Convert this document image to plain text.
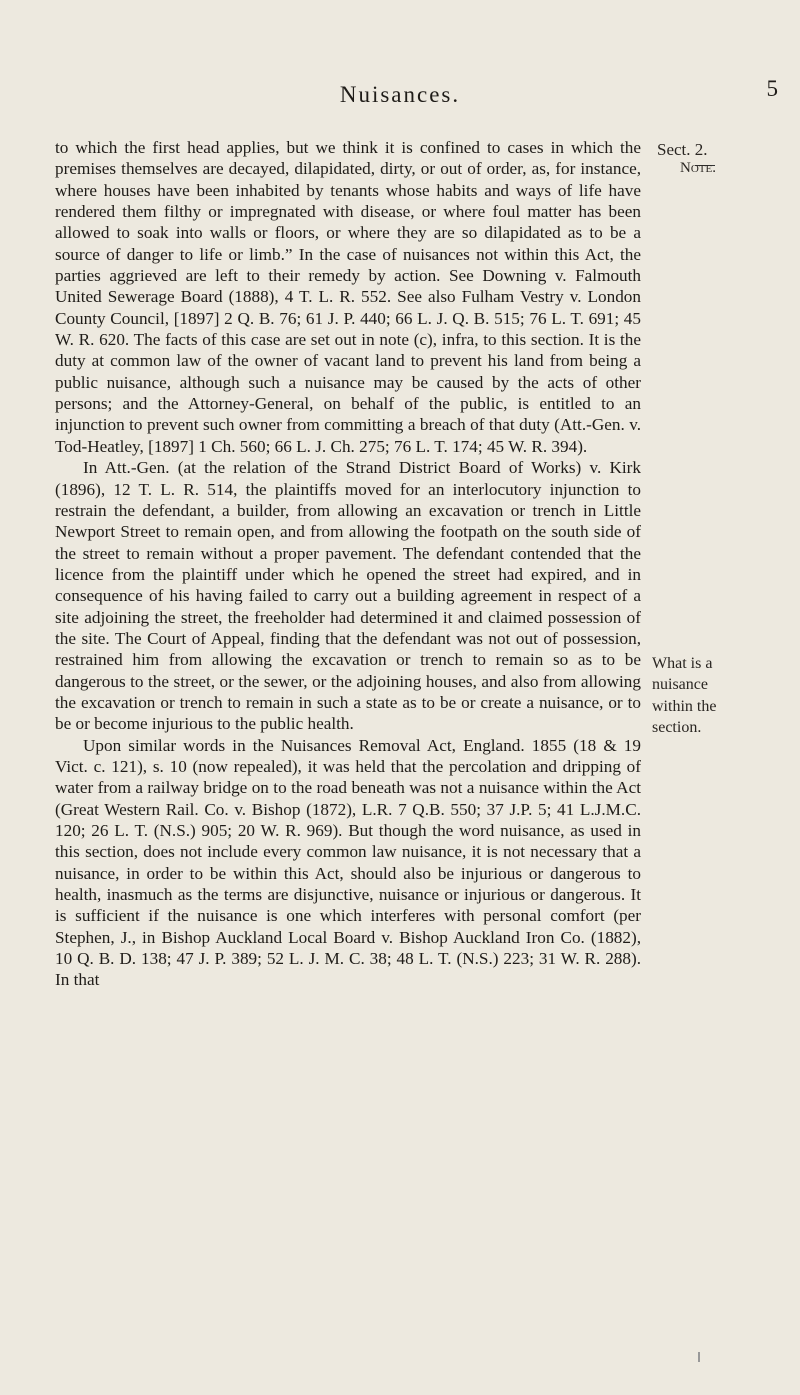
Nuisances.	5
Sect. 2.
Note.
What is a
nuisance
within the
section.

to which the first head applies, but we think it is confined to cases in which the premises themselves are decayed, dilapidated, dirty, or out of order, as, for instance, where houses have been inhabited by tenants whose habits and ways of life have rendered them filthy or impregnated with disease, or where foul matter has been allowed to soak into walls or floors, or where they are so dilapidated as to be a source of danger to life or limb.” In the case of nuisances not within this Act, the parties aggrieved are left to their remedy by action. See Downing v. Falmouth United Sewerage Board (1888), 4 T. L. R. 552. See also Fulham Vestry v. London County Council, [1897] 2 Q. B. 76; 61 J. P. 440; 66 L. J. Q. B. 515; 76 L. T. 691; 45 W. R. 620. The facts of this case are set out in note (c), infra, to this section. It is the duty at common law of the owner of vacant land to prevent his land from being a public nuisance, although such a nuisance may be caused by the acts of other persons; and the Attorney-General, on behalf of the public, is entitled to an injunction to prevent such owner from committing a breach of that duty (Att.-Gen. v. Tod-Heatley, [1897] 1 Ch. 560; 66 L. J. Ch. 275; 76 L. T. 174; 45 W. R. 394).

In Att.-Gen. (at the relation of the Strand District Board of Works) v. Kirk (1896), 12 T. L. R. 514, the plaintiffs moved for an interlocutory injunction to restrain the defendant, a builder, from allowing an excavation or trench in Little Newport Street to remain open, and from allowing the footpath on the south side of the street to remain without a proper pavement. The defendant contended that the licence from the plaintiff under which he opened the street had expired, and in consequence of his having failed to carry out a building agreement in respect of a site adjoining the street, the freeholder had determined it and claimed possession of the site. The Court of Appeal, finding that the defendant was not out of possession, restrained him from allowing the excavation or trench to remain so as to be dangerous to the street, or the sewer, or the adjoining houses, and also from allowing the excavation or trench to remain in such a state as to be or create a nuisance, or to be or become injurious to the public health.

Upon similar words in the Nuisances Removal Act, England. 1855 (18 & 19 Vict. c. 121), s. 10 (now repealed), it was held that the percolation and dripping of water from a railway bridge on to the road beneath was not a nuisance within the Act (Great Western Rail. Co. v. Bishop (1872), L.R. 7 Q.B. 550; 37 J.P. 5; 41 L.J.M.C. 120; 26 L. T. (N.S.) 905; 20 W. R. 969). But though the word nuisance, as used in this section, does not include every common law nuisance, it is not necessary that a nuisance, in order to be within this Act, should also be injurious or dangerous to health, inasmuch as the terms are disjunctive, nuisance or injurious or dangerous. It is sufficient if the nuisance is one which interferes with personal comfort (per Stephen, J., in Bishop Auckland Local Board v. Bishop Auckland Iron Co. (1882), 10 Q. B. D. 138; 47 J. P. 389; 52 L. J. M. C. 38; 48 L. T. (N.S.) 223; 31 W. R. 288). In that
